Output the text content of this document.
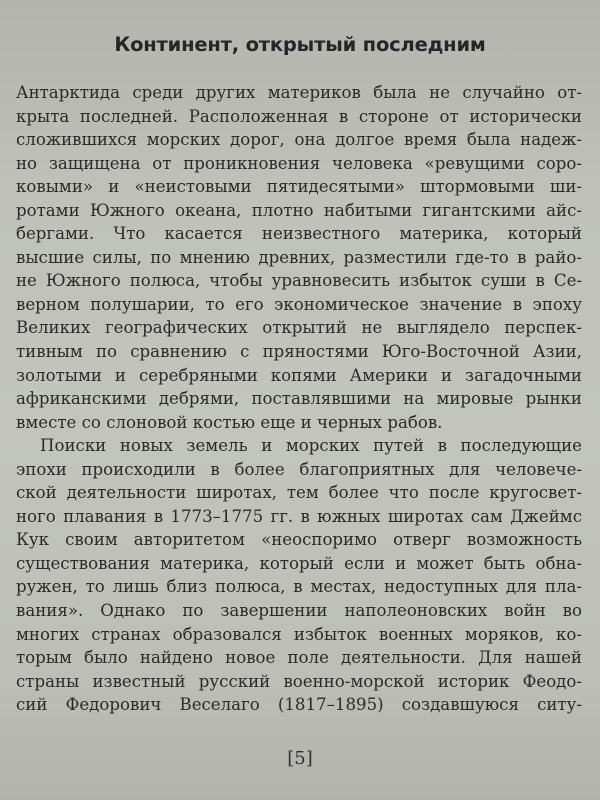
Континент, открытый последним

Антарктида среди других материков была не случайно от-
крыта последней. Расположенная в стороне от исторически
сложившихся морских дорог, она долгое время была надеж-
но защищена от проникновения человека «ревущими соро-
ковыми» и «неистовыми пятидесятыми» штормовыми ши-
ротами Южного океана, плотно набитыми гигантскими айс-
бергами. Что касается неизвестного материка, который
высшие силы, по мнению древних, разместили где-то в райо-
не Южного полюса, чтобы уравновесить избыток суши в Се-
верном полушарии, то его экономическое значение в эпоху
Великих географических открытий не выглядело перспек-
тивным по сравнению с пряностями Юго-Восточной Азии,
золотыми и серебряными копями Америки и загадочными
африканскими дебрями, поставлявшими на мировые рынки
вместе со слоновой костью еще и черных рабов.

Поиски новых земель и морских путей в последующие
эпохи происходили в более благоприятных для человече-
ской деятельности широтах, тем более что после кругосвет-
ного плавания в 1773–1775 гг. в южных широтах сам Джеймс
Кук своим авторитетом «неоспоримо отверг возможность
существования материка, который если и может быть обна-
ружен, то лишь близ полюса, в местах, недоступных для пла-
вания». Однако по завершении наполеоновских войн во
многих странах образовался избыток военных моряков, ко-
торым было найдено новое поле деятельности. Для нашей
страны известный русский военно-морской историк Феодо-
сий Федорович Веселаго (1817–1895) создавшуюся ситу-

[5]
